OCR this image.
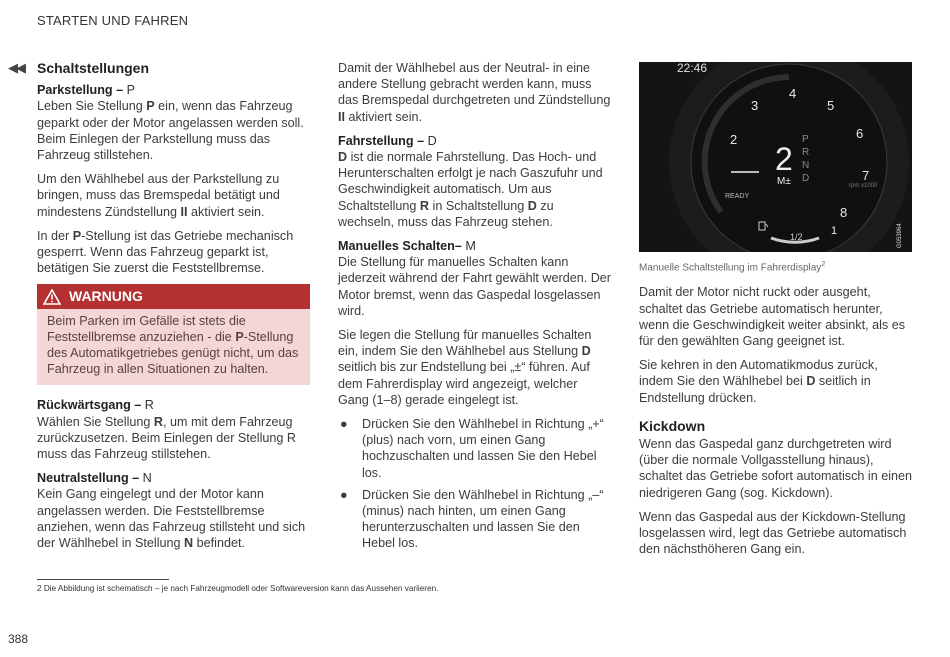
STARTEN UND FAHREN
◀◀ Schaltstellungen
Parkstellung – P

Leben Sie Stellung P ein, wenn das Fahrzeug geparkt oder der Motor angelassen werden soll. Beim Einlegen der Parkstellung muss das Fahrzeug stillstehen.

Um den Wählhebel aus der Parkstellung zu bringen, muss das Bremspedal betätigt und mindestens Zündstellung II aktiviert sein.

In der P-Stellung ist das Getriebe mechanisch gesperrt. Wenn das Fahrzeug geparkt ist, betätigen Sie zuerst die Feststellbremse.

WARNUNG
Beim Parken im Gefälle ist stets die Feststellbremse anzuziehen - die P-Stellung des Automatikgetriebes genügt nicht, um das Fahrzeug in allen Situationen zu halten.
Rückwärtsgang – R

Wählen Sie Stellung R, um mit dem Fahrzeug zurückzusetzen. Beim Einlegen der Stellung R muss das Fahrzeug stillstehen.

Neutralstellung – N

Kein Gang eingelegt und der Motor kann angelassen werden. Die Feststellbremse anziehen, wenn das Fahrzeug stillsteht und sich der Wählhebel in Stellung N befindet.

Damit der Wählhebel aus der Neutral- in eine andere Stellung gebracht werden kann, muss das Bremspedal durchgetreten und Zündstellung II aktiviert sein.

Fahrstellung – D

D ist die normale Fahrstellung. Das Hoch- und Herunterschalten erfolgt je nach Gaszufuhr und Geschwindigkeit automatisch. Um aus Schaltstellung R in Schaltstellung D zu wechseln, muss das Fahrzeug stehen.

Manuelles Schalten– M

Die Stellung für manuelles Schalten kann jederzeit während der Fahrt gewählt werden. Der Motor bremst, wenn das Gaspedal losgelassen wird.

Sie legen die Stellung für manuelles Schalten ein, indem Sie den Wählhebel aus Stellung D seitlich bis zur Endstellung bei „±“ führen. Auf dem Fahrerdisplay wird angezeigt, welcher Gang (1–8) gerade eingelegt ist.

● Drücken Sie den Wählhebel in Richtung „+“ (plus) nach vorn, um einen Gang hochzuschalten und lassen Sie den Hebel los.
● Drücken Sie den Wählhebel in Richtung „–“ (minus) nach hinten, um einen Gang herunterzuschalten und lassen Sie den Hebel los.
22:46
2
3
4
5
6
7
8
1
2
M±
P
R
N
D
READY
rpm x1000
1/2	G053964
Manuelle Schaltstellung im Fahrerdisplay$^2$

Damit der Motor nicht ruckt oder ausgeht, schaltet das Getriebe automatisch herunter, wenn die Geschwindigkeit weiter absinkt, als es für den gewählten Gang geeignet ist.

Sie kehren in den Automatikmodus zurück, indem Sie den Wählhebel bei D seitlich in Endstellung drücken.

Kickdown

Wenn das Gaspedal ganz durchgetreten wird (über die normale Vollgasstellung hinaus), schaltet das Getriebe sofort automatisch in einen niedrigeren Gang (sog. Kickdown).

Wenn das Gaspedal aus der Kickdown-Stellung losgelassen wird, legt das Getriebe automatisch den nächsthöheren Gang ein.

2 Die Abbildung ist schematisch – je nach Fahrzeugmodell oder Softwareversion kann das Aussehen variieren.
388
